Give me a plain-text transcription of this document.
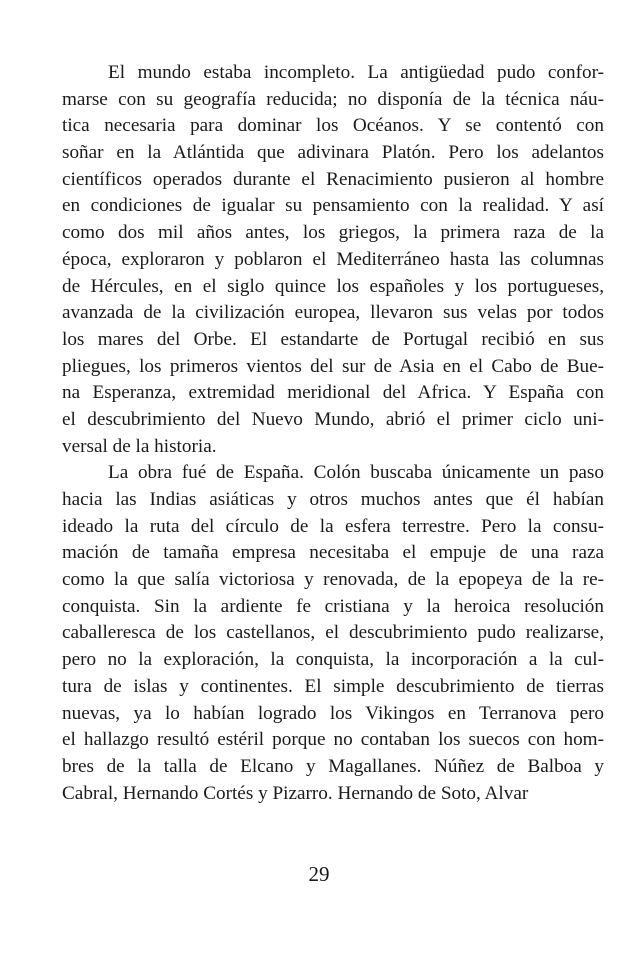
El mundo estaba incompleto. La antigüedad pudo confor-
marse con su geografía reducida; no disponía de la técnica náu-
tica necesaria para dominar los Océanos. Y se contentó con
soñar en la Atlántida que adivinara Platón. Pero los adelantos
científicos operados durante el Renacimiento pusieron al hombre
en condiciones de igualar su pensamiento con la realidad. Y así
como dos mil años antes, los griegos, la primera raza de la
época, exploraron y poblaron el Mediterráneo hasta las columnas
de Hércules, en el siglo quince los españoles y los portugueses,
avanzada de la civilización europea, llevaron sus velas por todos
los mares del Orbe. El estandarte de Portugal recibió en sus
pliegues, los primeros vientos del sur de Asia en el Cabo de Bue-
na Esperanza, extremidad meridional del Africa. Y España con
el descubrimiento del Nuevo Mundo, abrió el primer ciclo uni-
versal de la historia.
La obra fué de España. Colón buscaba únicamente un paso
hacia las Indias asiáticas y otros muchos antes que él habían
ideado la ruta del círculo de la esfera terrestre. Pero la consu-
mación de tamaña empresa necesitaba el empuje de una raza
como la que salía victoriosa y renovada, de la epopeya de la re-
conquista. Sin la ardiente fe cristiana y la heroica resolución
caballeresca de los castellanos, el descubrimiento pudo realizarse,
pero no la exploración, la conquista, la incorporación a la cul-
tura de islas y continentes. El simple descubrimiento de tierras
nuevas, ya lo habían logrado los Vikingos en Terranova pero
el hallazgo resultó estéril porque no contaban los suecos con hom-
bres de la talla de Elcano y Magallanes. Núñez de Balboa y
Cabral, Hernando Cortés y Pizarro. Hernando de Soto, Alvar
29
